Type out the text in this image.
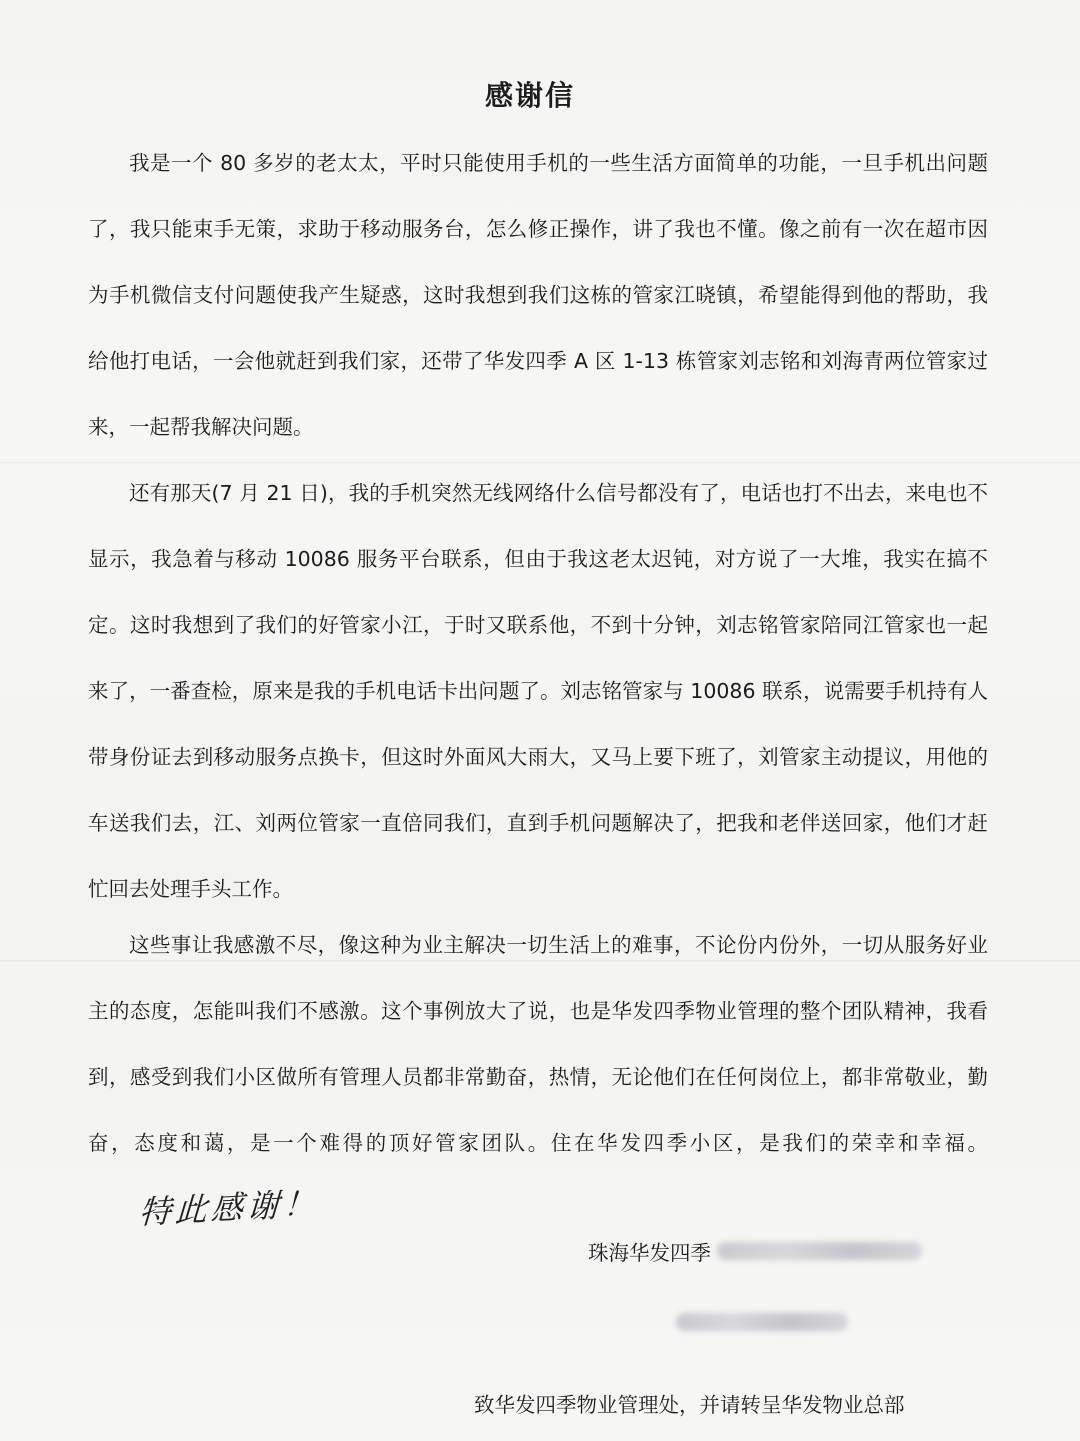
感谢信

我是一个 80 多岁的老太太，平时只能使用手机的一些生活方面简单的功能，一旦手机出问题了，我只能束手无策，求助于移动服务台，怎么修正操作，讲了我也不懂。像之前有一次在超市因为手机微信支付问题使我产生疑惑，这时我想到我们这栋的管家江晓镇，希望能得到他的帮助，我给他打电话，一会他就赶到我们家，还带了华发四季 A 区 1-13 栋管家刘志铭和刘海青两位管家过来，一起帮我解决问题。

还有那天(7 月 21 日)，我的手机突然无线网络什么信号都没有了，电话也打不出去，来电也不显示，我急着与移动 10086 服务平台联系，但由于我这老太迟钝，对方说了一大堆，我实在搞不定。这时我想到了我们的好管家小江，于时又联系他，不到十分钟，刘志铭管家陪同江管家也一起来了，一番查检，原来是我的手机电话卡出问题了。刘志铭管家与 10086 联系，说需要手机持有人带身份证去到移动服务点换卡，但这时外面风大雨大，又马上要下班了，刘管家主动提议，用他的车送我们去，江、刘两位管家一直倍同我们，直到手机问题解决了，把我和老伴送回家，他们才赶忙回去处理手头工作。

这些事让我感激不尽，像这种为业主解决一切生活上的难事，不论份内份外，一切从服务好业主的态度，怎能叫我们不感激。这个事例放大了说，也是华发四季物业管理的整个团队精神，我看到，感受到我们小区做所有管理人员都非常勤奋，热情，无论他们在任何岗位上，都非常敬业，勤奋，态度和蔼，是一个难得的顶好管家团队。住在华发四季小区，是我们的荣幸和幸福。特此感谢！

珠海华发四季
致华发四季物业管理处，并请转呈华发物业总部
